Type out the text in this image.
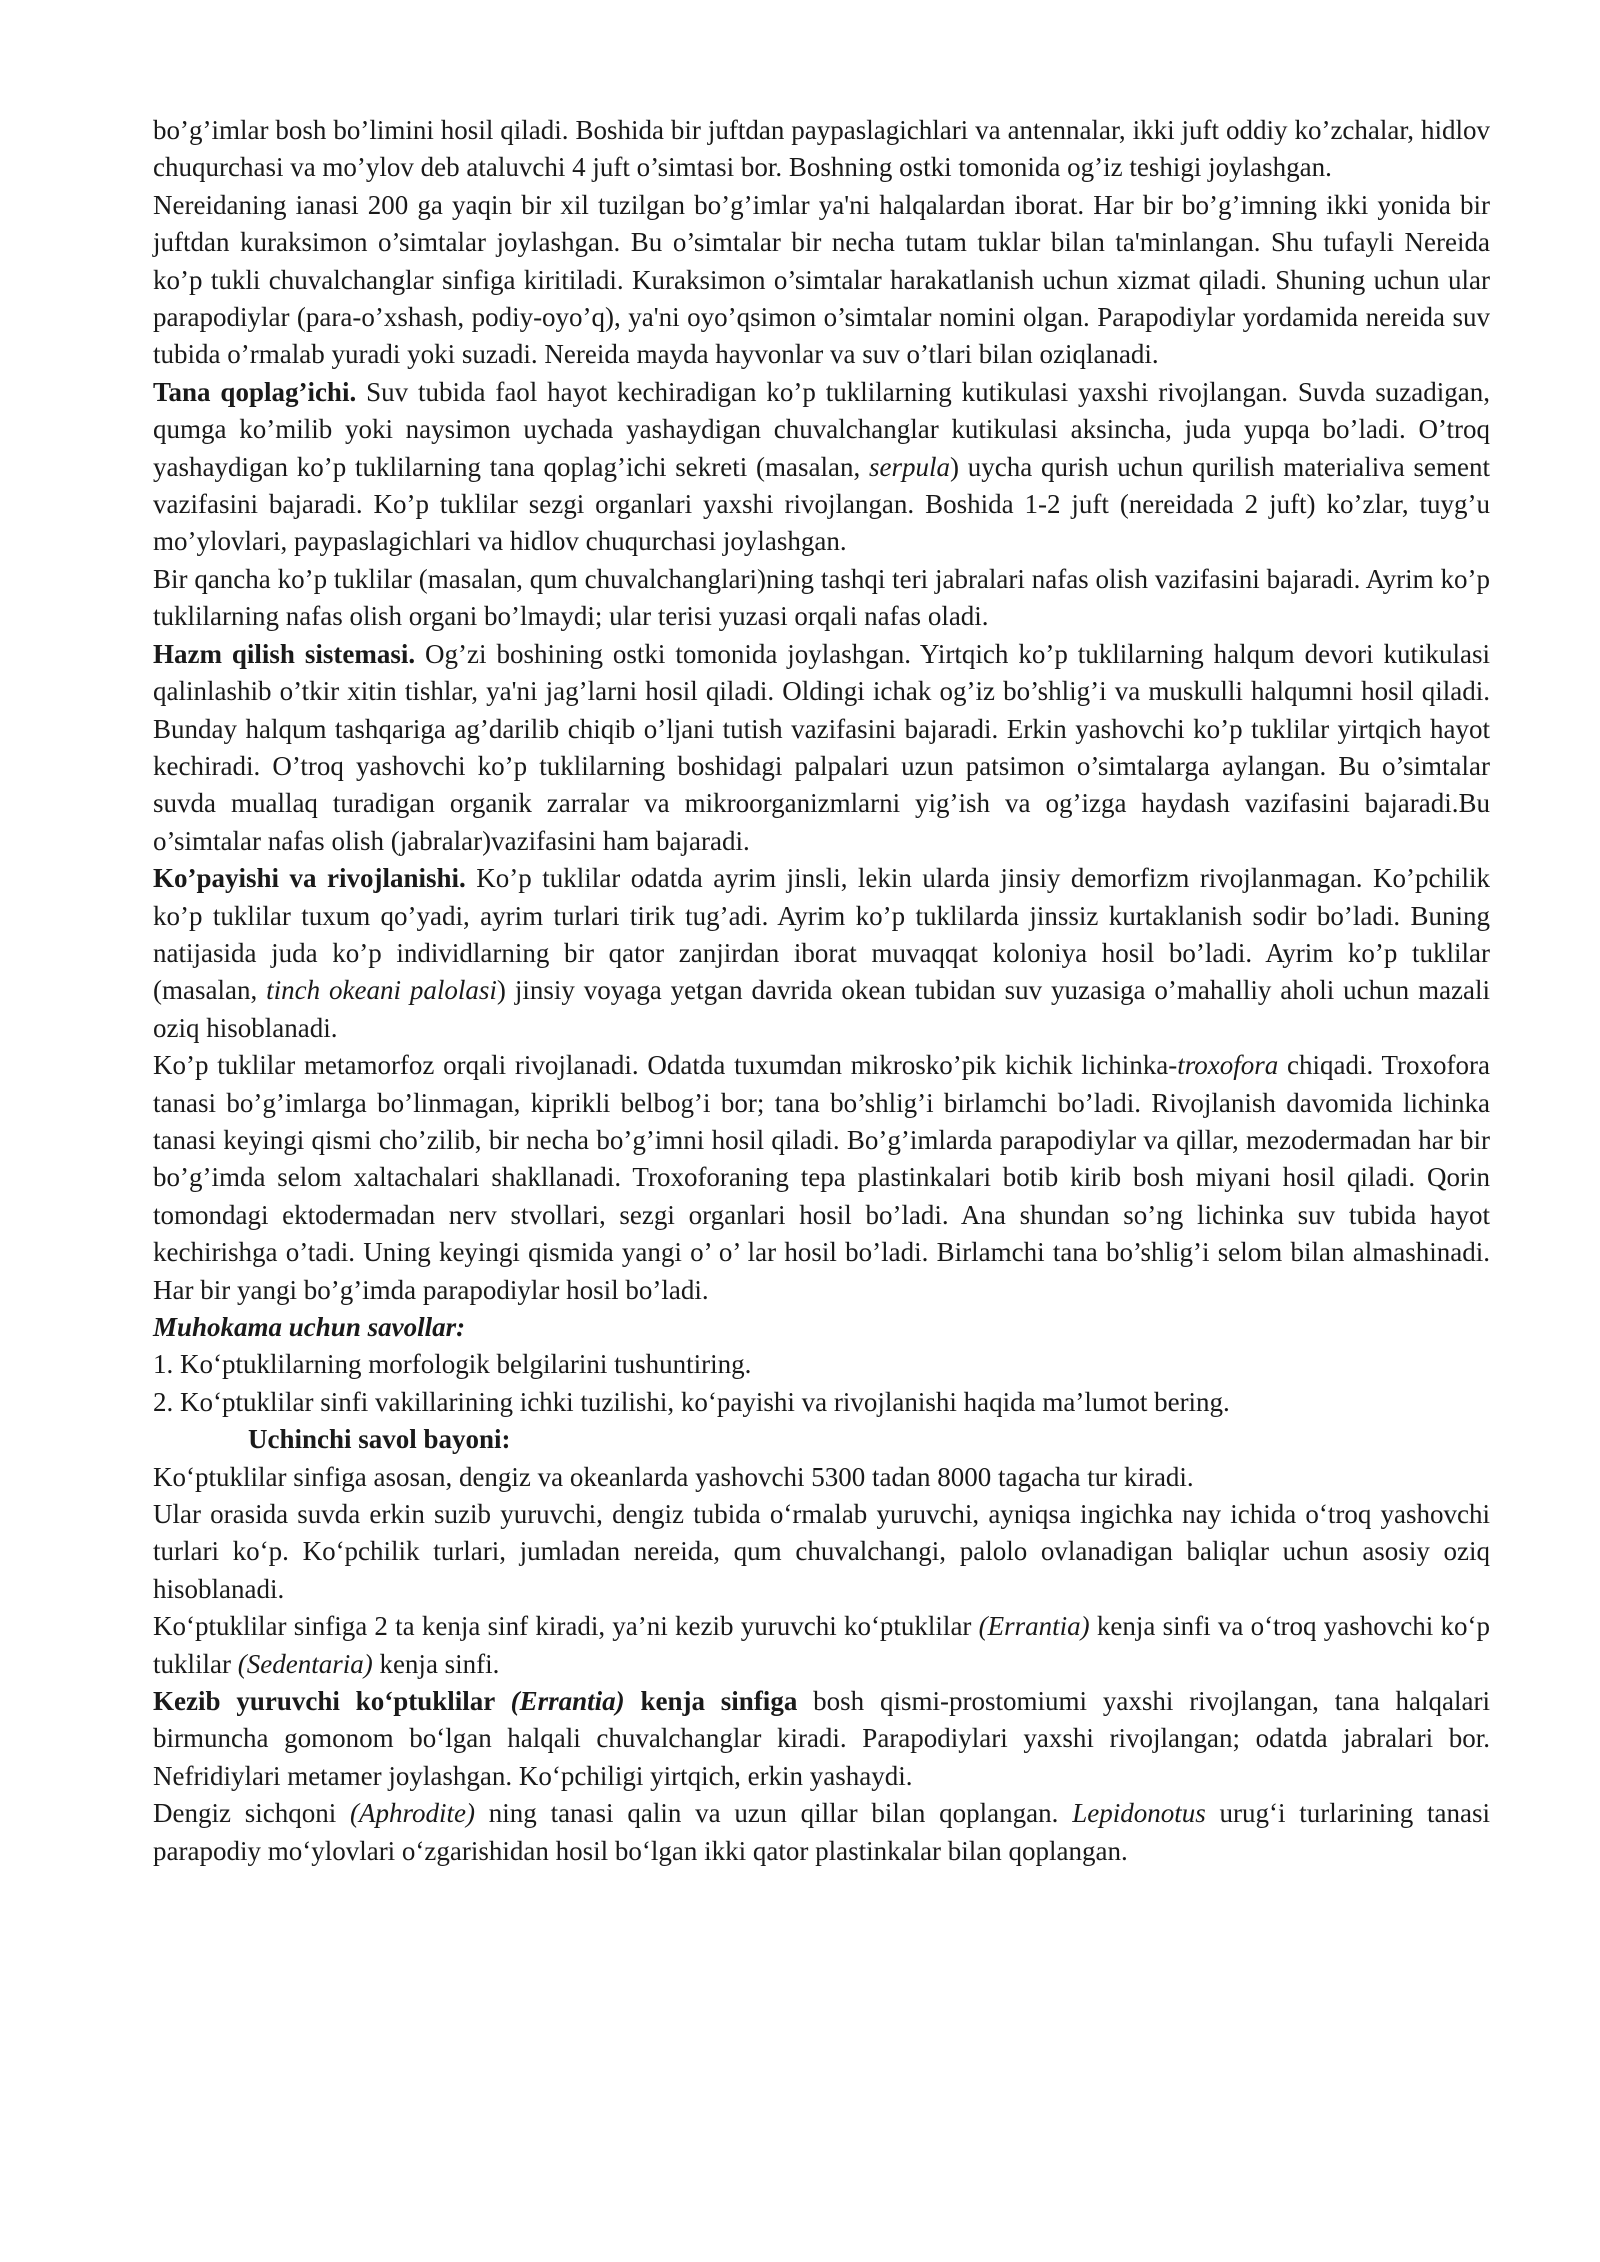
bo’g’imlar bosh bo’limini hosil qiladi. Boshida bir juftdan paypaslagichlari va antennalar, ikki juft oddiy ko’zchalar, hidlov chuqurchasi va mo’ylov deb ataluvchi 4 juft o’simtasi bor. Boshning ostki tomonida og’iz teshigi joylashgan.

Nereidaning ianasi 200 ga yaqin bir xil tuzilgan bo’g’imlar ya'ni halqalardan iborat. Har bir bo’g’imning ikki yonida bir juftdan kuraksimon o’simtalar joylashgan. Bu o’simtalar bir necha tutam tuklar bilan ta'minlangan. Shu tufayli Nereida ko’p tukli chuvalchanglar sinfiga kiritiladi. Kuraksimon o’simtalar harakatlanish uchun xizmat qiladi. Shuning uchun ular parapodiylar (para-o’xshash, podiy-oyo’q), ya'ni oyo’qsimon o’simtalar nomini olgan. Parapodiylar yordamida nereida suv tubida o’rmalab yuradi yoki suzadi. Nereida mayda hayvonlar va suv o’tlari bilan oziqlanadi.

Tana qoplag’ichi. Suv tubida faol hayot kechiradigan ko’p tuklilarning kutikulasi yaxshi rivojlangan. Suvda suzadigan, qumga ko’milib yoki naysimon uychada yashaydigan chuvalchanglar kutikulasi aksincha, juda yupqa bo’ladi. O’troq yashaydigan ko’p tuklilarning tana qoplag’ichi sekreti (masalan, serpula) uycha qurish uchun qurilish materialiva sement vazifasini bajaradi. Ko’p tuklilar sezgi organlari yaxshi rivojlangan. Boshida 1-2 juft (nereidada 2 juft) ko’zlar, tuyg’u mo’ylovlari, paypaslagichlari va hidlov chuqurchasi joylashgan.

Bir qancha ko’p tuklilar (masalan, qum chuvalchanglari)ning tashqi teri jabralari nafas olish vazifasini bajaradi. Ayrim ko’p tuklilarning nafas olish organi bo’lmaydi; ular terisi yuzasi orqali nafas oladi.

Hazm qilish sistemasi. Og’zi boshining ostki tomonida joylashgan. Yirtqich ko’p tuklilarning halqum devori kutikulasi qalinlashib o’tkir xitin tishlar, ya'ni jag’larni hosil qiladi. Oldingi ichak og’iz bo’shlig’i va muskulli halqumni hosil qiladi. Bunday halqum tashqariga ag’darilib chiqib o’ljani tutish vazifasini bajaradi. Erkin yashovchi ko’p tuklilar yirtqich hayot kechiradi. O’troq yashovchi ko’p tuklilarning boshidagi palpalari uzun patsimon o’simtalarga aylangan. Bu o’simtalar suvda muallaq turadigan organik zarralar va mikroorganizmlarni yig’ish va og’izga haydash vazifasini bajaradi.Bu o’simtalar nafas olish (jabralar)vazifasini ham bajaradi.

Ko’payishi va rivojlanishi. Ko’p tuklilar odatda ayrim jinsli, lekin ularda jinsiy demorfizm rivojlanmagan. Ko’pchilik ko’p tuklilar tuxum qo’yadi, ayrim turlari tirik tug’adi. Ayrim ko’p tuklilarda jinssiz kurtaklanish sodir bo’ladi. Buning natijasida juda ko’p individlarning bir qator zanjirdan iborat muvaqqat koloniya hosil bo’ladi. Ayrim ko’p tuklilar (masalan, tinch okeani palolasi) jinsiy voyaga yetgan davrida okean tubidan suv yuzasiga o’mahalliy aholi uchun mazali oziq hisoblanadi.

Ko’p tuklilar metamorfoz orqali rivojlanadi. Odatda tuxumdan mikrosko’pik kichik lichinka-troxofora chiqadi. Troxofora tanasi bo’g’imlarga bo’linmagan, kiprikli belbog’i bor; tana bo’shlig’i birlamchi bo’ladi. Rivojlanish davomida lichinka tanasi keyingi qismi cho’zilib, bir necha bo’g’imni hosil qiladi. Bo’g’imlarda parapodiylar va qillar, mezodermadan har bir bo’g’imda selom xaltachalari shakllanadi. Troxoforaning tepa plastinkalari botib kirib bosh miyani hosil qiladi. Qorin tomondagi ektodermadan nerv stvollari, sezgi organlari hosil bo’ladi. Ana shundan so’ng lichinka suv tubida hayot kechirishga o’tadi. Uning keyingi qismida yangi o’ o’ lar hosil bo’ladi. Birlamchi tana bo’shlig’i selom bilan almashinadi. Har bir yangi bo’g’imda parapodiylar hosil bo’ladi.

Muhokama uchun savollar:

1. Ko‘ptuklilarning morfologik belgilarini tushuntiring.

2. Ko‘ptuklilar sinfi vakillarining ichki tuzilishi, ko‘payishi va rivojlanishi haqida ma’lumot bering.

Uchinchi savol bayoni:

Ko‘ptuklilar sinfiga asosan, dengiz va okeanlarda yashovchi 5300 tadan 8000 tagacha tur kiradi.

Ular orasida suvda erkin suzib yuruvchi, dengiz tubida o‘rmalab yuruvchi, ayniqsa ingichka nay ichida o‘troq yashovchi turlari ko‘p. Ko‘pchilik turlari, jumladan nereida, qum chuvalchangi, palolo ovlanadigan baliqlar uchun asosiy oziq hisoblanadi.

Ko‘ptuklilar sinfiga 2 ta kenja sinf kiradi, ya’ni kezib yuruvchi ko‘ptuklilar (Errantia) kenja sinfi va o‘troq yashovchi ko‘p tuklilar (Sedentaria) kenja sinfi.

Kezib yuruvchi ko‘ptuklilar (Errantia) kenja sinfiga bosh qismi-prostomiumi yaxshi rivojlangan, tana halqalari birmuncha gomonom bo‘lgan halqali chuvalchanglar kiradi. Parapodiylari yaxshi rivojlangan; odatda jabralari bor. Nefridiylari metamer joylashgan. Ko‘pchiligi yirtqich, erkin yashaydi.

Dengiz sichqoni (Aphrodite) ning tanasi qalin va uzun qillar bilan qoplangan. Lepidonotus urug‘i turlarining tanasi parapodiy mo‘ylovlari o‘zgarishidan hosil bo‘lgan ikki qator plastinkalar bilan qoplangan.
